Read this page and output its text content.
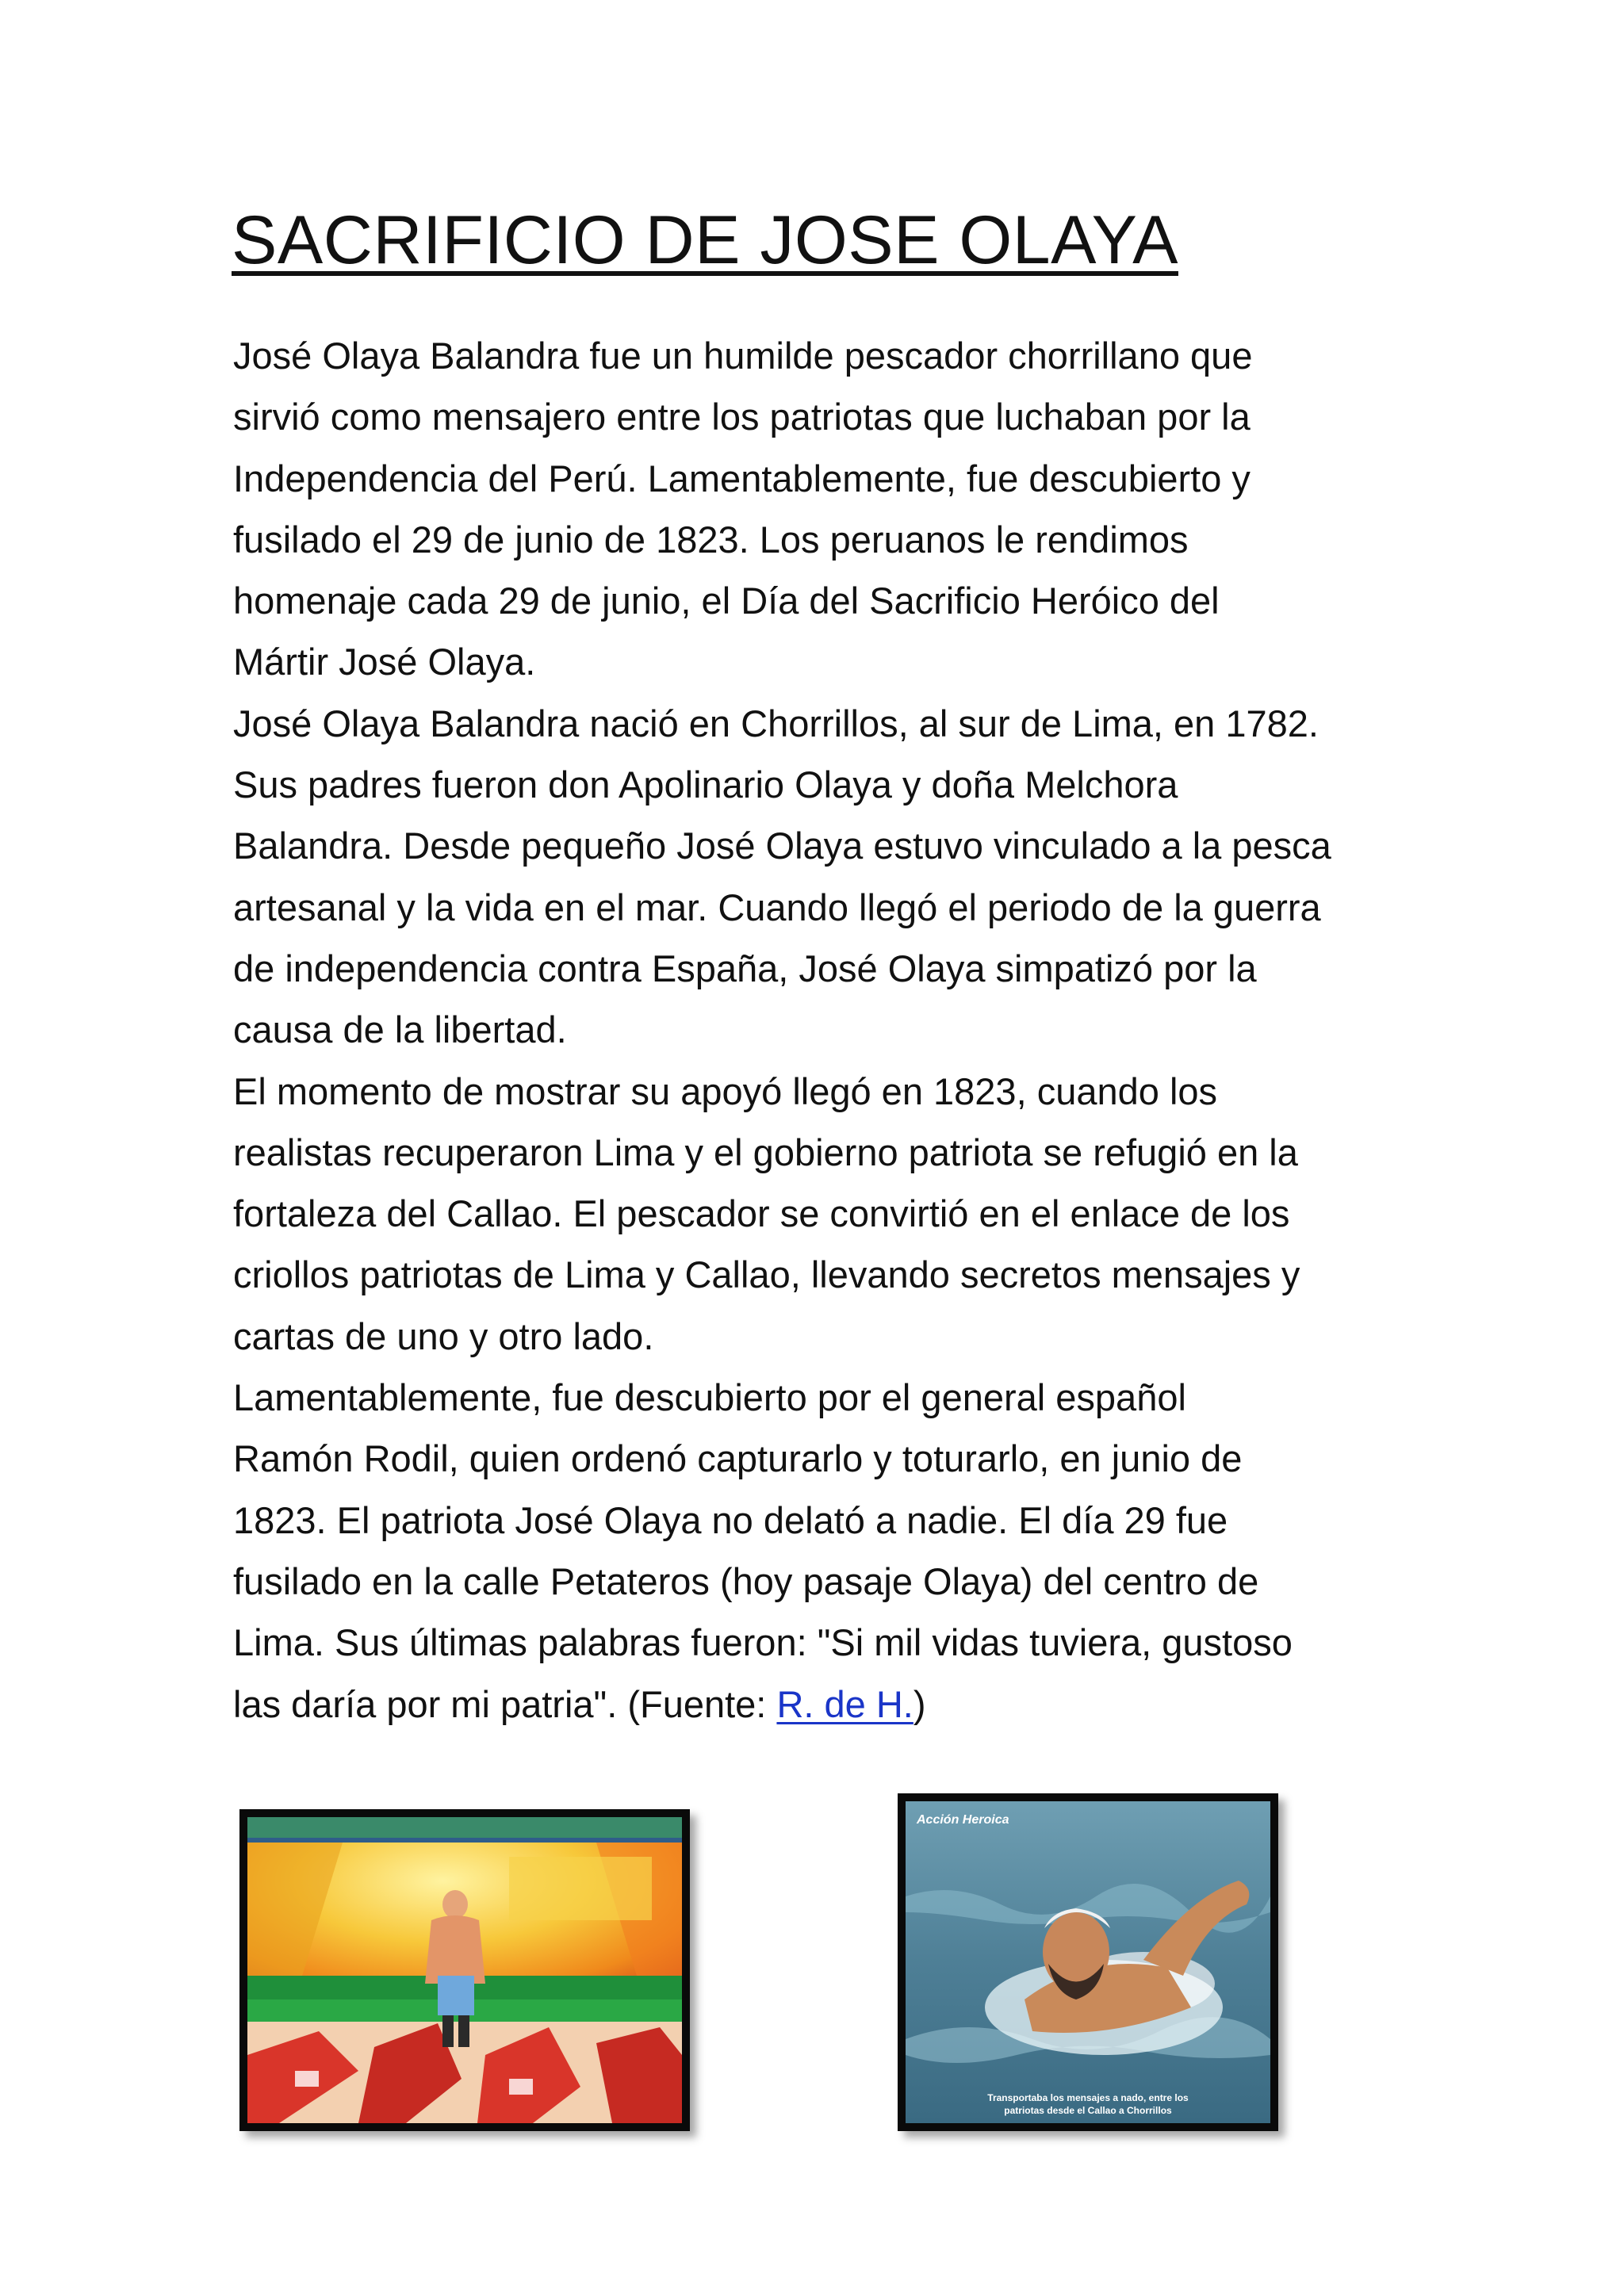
SACRIFICIO DE JOSE OLAYA
José Olaya Balandra fue un humilde pescador chorrillano que
sirvió como mensajero entre los patriotas que luchaban por la
Independencia del Perú. Lamentablemente, fue descubierto y
fusilado el 29 de junio de 1823. Los peruanos le rendimos
homenaje cada 29 de junio, el Día del Sacrificio Heróico del
Mártir José Olaya.
José Olaya Balandra nació en Chorrillos, al sur de Lima, en 1782.
Sus padres fueron don Apolinario Olaya y doña Melchora
Balandra. Desde pequeño José Olaya estuvo vinculado a la pesca
artesanal y la vida en el mar. Cuando llegó el periodo de la guerra
de independencia contra España, José Olaya simpatizó por la
causa de la libertad.
El momento de mostrar su apoyó llegó en 1823, cuando los
realistas recuperaron Lima y el gobierno patriota se refugió en la
fortaleza del Callao. El pescador se convirtió en el enlace de los
criollos patriotas de Lima y Callao, llevando secretos mensajes y
cartas de uno y otro lado.
Lamentablemente, fue descubierto por el general español
Ramón Rodil, quien ordenó capturarlo y toturarlo, en junio de
1823. El patriota José Olaya no delató a nadie. El día 29 fue
fusilado en la calle Petateros (hoy pasaje Olaya) del centro de
Lima. Sus últimas palabras fueron: "Si mil vidas tuviera, gustoso
las daría por mi patria". (Fuente: R. de H.)
Acción Heroica
Transportaba los mensajes a nado, entre los
patriotas desde el Callao a Chorrillos
